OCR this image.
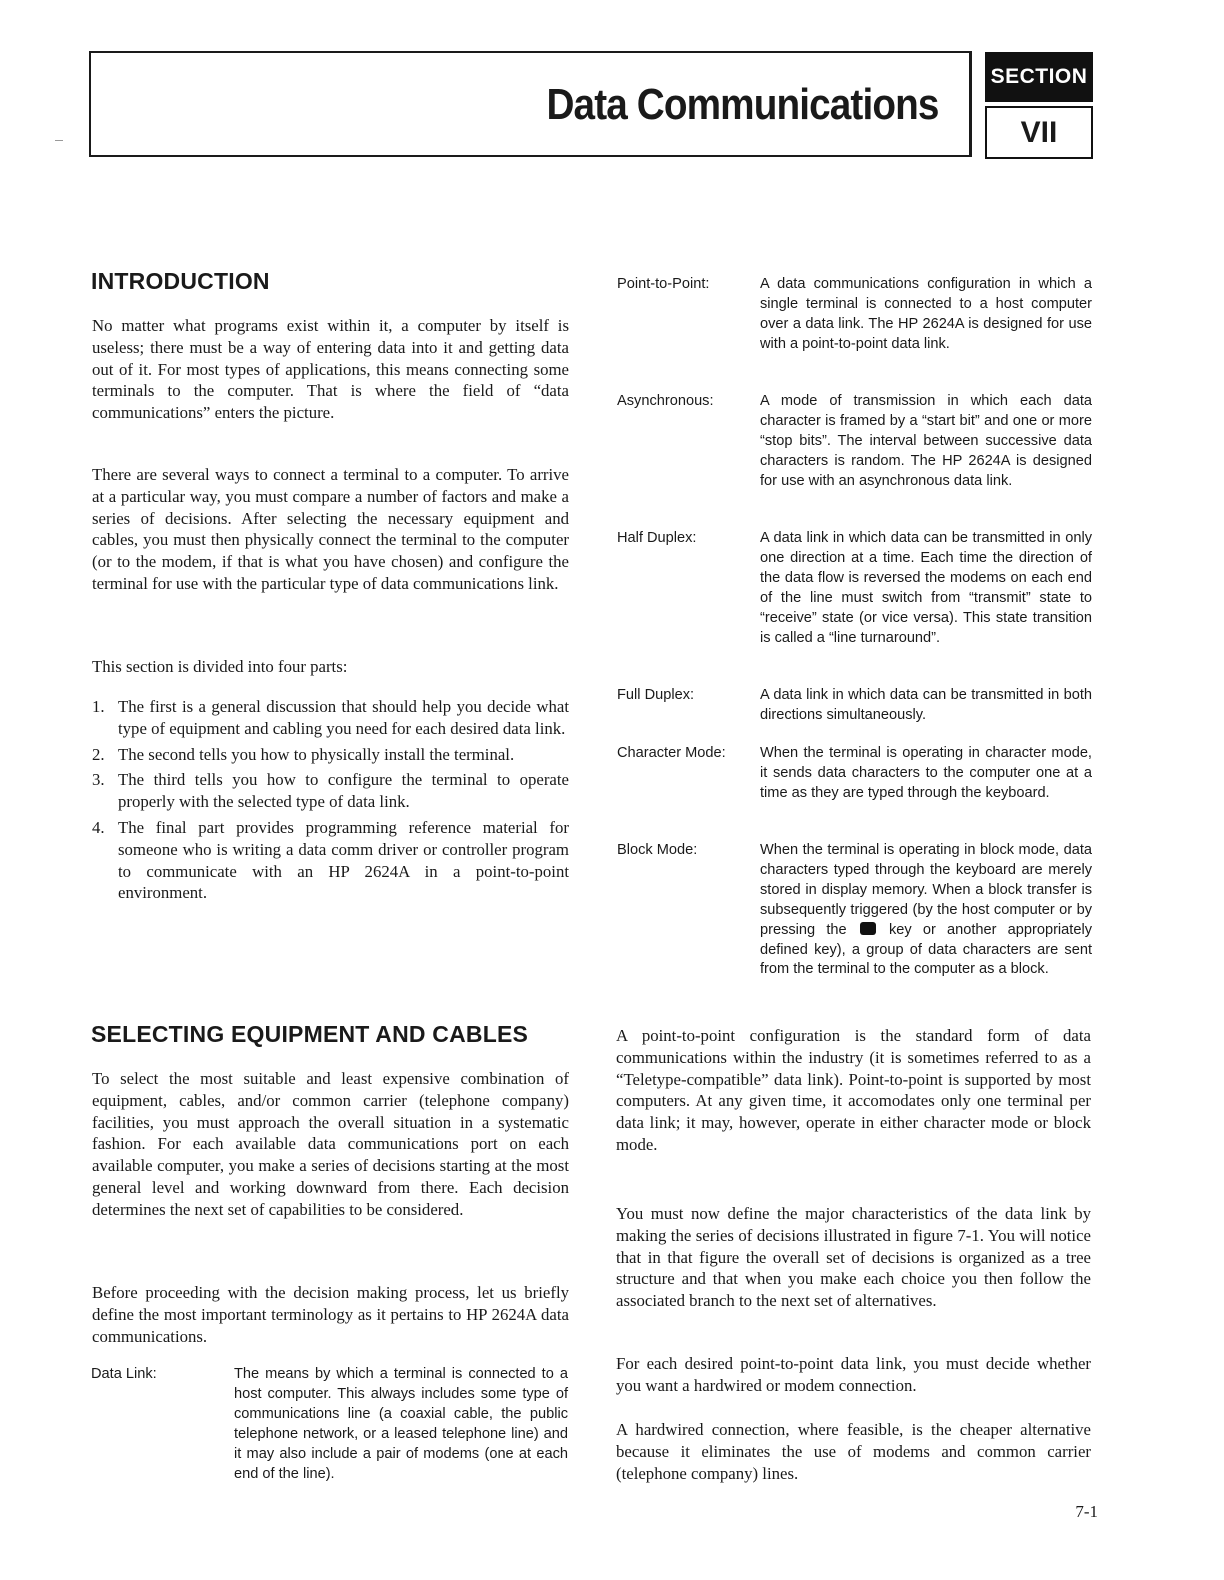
Data Communications
SECTION
VII
INTRODUCTION
No matter what programs exist within it, a computer by itself is useless; there must be a way of entering data into it and getting data out of it. For most types of applications, this means connecting some terminals to the computer. That is where the field of “data communications” enters the picture.
There are several ways to connect a terminal to a computer. To arrive at a particular way, you must compare a number of factors and make a series of decisions. After selecting the necessary equipment and cables, you must then physically connect the terminal to the computer (or to the modem, if that is what you have chosen) and configure the terminal for use with the particular type of data communications link.
This section is divided into four parts:
1. The first is a general discussion that should help you decide what type of equipment and cabling you need for each desired data link.
2. The second tells you how to physically install the terminal.
3. The third tells you how to configure the terminal to operate properly with the selected type of data link.
4. The final part provides programming reference material for someone who is writing a data comm driver or controller program to communicate with an HP 2624A in a point-to-point environment.
SELECTING EQUIPMENT AND CABLES
To select the most suitable and least expensive combination of equipment, cables, and/or common carrier (telephone company) facilities, you must approach the overall situation in a systematic fashion. For each available data communications port on each available computer, you make a series of decisions starting at the most general level and working downward from there. Each decision determines the next set of capabilities to be considered.
Before proceeding with the decision making process, let us briefly define the most important terminology as it pertains to HP 2624A data communications.
Data Link:	The means by which a terminal is connected to a host computer. This always includes some type of communications line (a coaxial cable, the public telephone network, or a leased telephone line) and it may also include a pair of modems (one at each end of the line).
Point-to-Point:	A data communications configuration in which a single terminal is connected to a host computer over a data link. The HP 2624A is designed for use with a point-to-point data link.
Asynchronous:	A mode of transmission in which each data character is framed by a “start bit” and one or more “stop bits”. The interval between successive data characters is random. The HP 2624A is designed for use with an asynchronous data link.
Half Duplex:	A data link in which data can be transmitted in only one direction at a time. Each time the direction of the data flow is reversed the modems on each end of the line must switch from “transmit” state to “receive” state (or vice versa). This state transition is called a “line turnaround”.
Full Duplex:	A data link in which data can be transmitted in both directions simultaneously.
Character Mode: When the terminal is operating in character mode, it sends data characters to the computer one at a time as they are typed through the keyboard.
Block Mode:	When the terminal is operating in block mode, data characters typed through the keyboard are merely stored in display memory. When a block transfer is subsequently triggered (by the host computer or by pressing the	key or another appropriately defined key), a group of data characters are sent from the terminal to the computer as a block.
A point-to-point configuration is the standard form of data communications within the industry (it is sometimes referred to as a “Teletype-compatible” data link). Point-to-point is supported by most computers. At any given time, it accomodates only one terminal per data link; it may, however, operate in either character mode or block mode.
You must now define the major characteristics of the data link by making the series of decisions illustrated in figure 7-1. You will notice that in that figure the overall set of decisions is organized as a tree structure and that when you make each choice you then follow the associated branch to the next set of alternatives.
For each desired point-to-point data link, you must decide whether you want a hardwired or modem connection.
A hardwired connection, where feasible, is the cheaper alternative because it eliminates the use of modems and common carrier (telephone company) lines.
7-1
